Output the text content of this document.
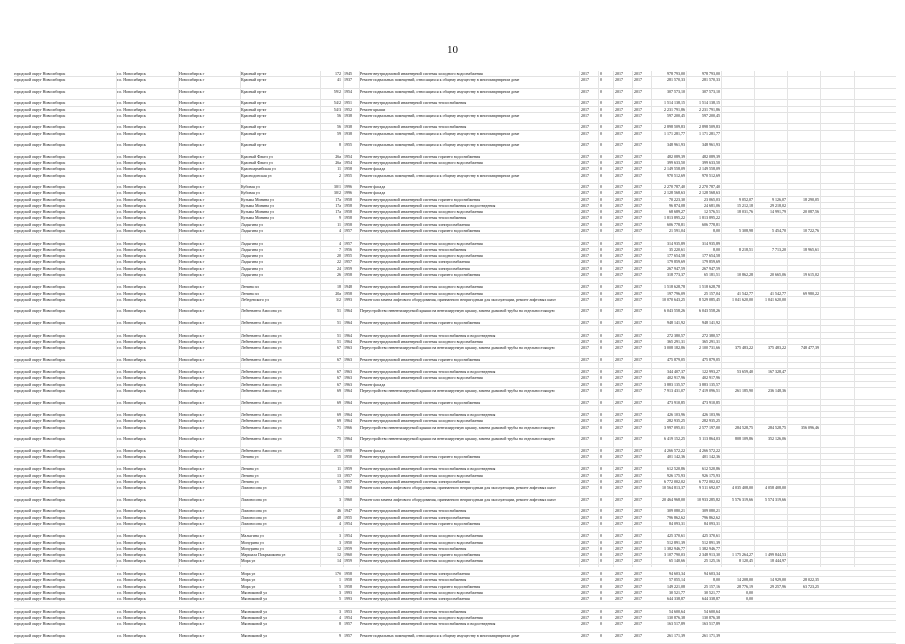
10
городской округ Новосибирск	г.о. Новосибирск	Новосибирск г	Красный пр-кт	172 1945	Ремонт внутридомовой инженерной системы холодного водоснабжения	2017	0	2017	2017	978 793,00	978 793,00
городской округ Новосибирск	г.о. Новосибирск	Новосибирск г	Красный пр-кт	41 1937	Ремонт подвальных помещений, относящихся к общему имуществу в многоквартирном доме	2017	0	2017	2017	281 570,33	281 570,33
городской округ Новосибирск	г.о. Новосибирск	Новосибирск г	Красный пр-кт	59/2 1954	Ремонт подвальных помещений, относящихся к общему имуществу в многоквартирном доме	2017	0	2017	2017	307 573,10	307 573,10
городской округ Новосибирск	г.о. Новосибирск	Новосибирск г	Красный пр-кт	54/2 1951	Ремонт внутридомовой инженерной системы теплоснабжения	2017	0	2017	2017	1 514 138,15	1 514 138,15
городской округ Новосибирск	г.о. Новосибирск	Новосибирск г	Красный пр-кт	54/3 1952	Ремонт крыши	2017	0	2017	2017	2 231 791,86	2 231 791,86
городской округ Новосибирск	г.о. Новосибирск	Новосибирск г	Красный пр-кт	56 1938	Ремонт подвальных помещений, относящихся к общему имуществу в многоквартирном доме	2017	0	2017	2017	597 200,45	597 200,45
городской округ Новосибирск	г.о. Новосибирск	Новосибирск г	Красный пр-кт	56 1938	Ремонт внутридомовой инженерной системы теплоснабжения	2017	0	2017	2017	2 898 509,83	2 898 509,83
городской округ Новосибирск	г.о. Новосибирск	Новосибирск г	Красный пр-кт	59 1938	Ремонт подвальных помещений, относящихся к общему имуществу в многоквартирном доме	2017	0	2017	2017	1 171 281,77	1 171 281,77
городской округ Новосибирск	г.о. Новосибирск	Новосибирск г	Красный пр-кт	8 1955	Ремонт подвальных помещений, относящихся к общему имуществу в многоквартирном доме	2017	0	2017	2017	348 961,93	348 961,93
городской округ Новосибирск	г.о. Новосибирск	Новосибирск г	Красный Факел ул	26а 1954	Ремонт внутридомовой инженерной системы горячего водоснабжения	2017	0	2017	2017	482 089,39	482 089,39
городской округ Новосибирск	г.о. Новосибирск	Новосибирск г	Красный Факел ул	26а 1954	Ремонт внутридомовой инженерной системы холодного водоснабжения	2017	0	2017	2017	399 633,50	399 633,50
городской округ Новосибирск	г.о. Новосибирск	Новосибирск г	Красноармейская ул	11 1958	Ремонт фасада	2017	0	2017	2017	2 149 558,09	2 149 558,09
городской округ Новосибирск	г.о. Новосибирск	Новосибирск г	Краснодонская ул	2 1955	Ремонт подвальных помещений, относящихся к общему имуществу в многоквартирном доме	2017	0	2017	2017	970 512,69	970 512,69
городской округ Новосибирск	г.о. Новосибирск	Новосибирск г	Кубовая ул	30/1 1996	Ремонт фасада	2017	0	2017	2017	2 270 787,40	2 270 787,40
городской округ Новосибирск	г.о. Новосибирск	Новосибирск г	Кубовая ул	30/2 1996	Ремонт фасада	2017	0	2017	2017	2 128 568,63	2 128 568,63
городской округ Новосибирск	г.о. Новосибирск	Новосибирск г	Кузьмы Минина ул	17а 1958	Ремонт внутридомовой инженерной системы горячего водоснабжения	2017	0	2017	2017	70 223,30	23 065,03	9 052,07	9 126,07	18 290,05
городской округ Новосибирск	г.о. Новосибирск	Новосибирск г	Кузьмы Минина ул	17а 1958	Ремонт внутридомовой инженерной системы теплоснабжения и водоотведения	2017	0	2017	2017	96 874,08	24 681,06	15 212,18	29 218,02
городской округ Новосибирск	г.о. Новосибирск	Новосибирск г	Кузьмы Минина ул	17а 1958	Ремонт внутридомовой инженерной системы холодного водоснабжения	2017	0	2017	2017	68 689,27	12 576,51	18 031,76	14 991,79	20 087,56
городской округ Новосибирск	г.о. Новосибирск	Новосибирск г	Кузьмы Минина ул	9 1958	Ремонт внутридомовой инженерной системы теплоснабжения	2017	0	2017	2017	1 813 895,22	1 813 895,22
городской округ Новосибирск	г.о. Новосибирск	Новосибирск г	Ладыгина ул	11 1958	Ремонт внутридомовой инженерной системы электроснабжения	2017	0	2017	2017	606 778,81	606 778,81
городской округ Новосибирск	г.о. Новосибирск	Новосибирск г	Ладыгина ул	4 1957	Ремонт внутридомовой инженерной системы горячего водоснабжения	2017	0	2017	2017	21 591,04	8,00	5 308,98	5 454,70	10 722,76
городской округ Новосибирск	г.о. Новосибирск	Новосибирск г	Ладыгина ул	4 1957	Ремонт внутридомовой инженерной системы холодного водоснабжения	2017	0	2017	2017	314 935,89	314 935,89
городской округ Новосибирск	г.о. Новосибирск	Новосибирск г	Ладыгина ул	7 1956	Ремонт внутридомовой инженерной системы теплоснабжения	2017	0	2017	2017	35 220,61	8,00	8 218,51	7 713,20	18 965,61
городской округ Новосибирск	г.о. Новосибирск	Новосибирск г	Ладыгина ул	20 1955	Ремонт внутридомовой инженерной системы холодного водоснабжения	2017	0	2017	2017	177 654,58	177 654,58
городской округ Новосибирск	г.о. Новосибирск	Новосибирск г	Ладыгина ул	22 1957	Ремонт внутридомовой инженерной системы электроснабжения	2017	0	2017	2017	179 859,69	179 859,69
городской округ Новосибирск	г.о. Новосибирск	Новосибирск г	Ладыгина ул	24 1959	Ремонт внутридомовой инженерной системы электроснабжения	2017	0	2017	2017	267 947,59	267 947,59
городской округ Новосибирск	г.о. Новосибирск	Новосибирск г	Ладыгина ул	26 1958	Ремонт внутридомовой инженерной системы горячего водоснабжения	2017	0	2017	2017	318 773,37	65 181,51	10 862,28	20 665,06	19 615,02
городской округ Новосибирск	г.о. Новосибирск	Новосибирск г	Ленина пл	18 1948	Ремонт внутридомовой инженерной системы холодного водоснабжения	2017	0	2017	2017	1 518 628,78	1 518 628,78
городской округ Новосибирск	г.о. Новосибирск	Новосибирск г	Ленина пл	20а 1958	Ремонт внутридомовой инженерной системы холодного водоснабжения	2017	0	2017	2017	197 796,09	25 157,04	41 542,77	41 542,77	69 980,22
городской округ Новосибирск	г.о. Новосибирск	Новосибирск г	Лебедевского ул	3/2 1993	Ремонт или замена лифтового оборудования, признанного непригодным для эксплуатации, ремонт лифтовых шахт	2017	0	2017	2017	10 070 643,25	8 529 085,45	1 041 620,00	1 041 620,00
городской округ Новосибирск	г.о. Новосибирск	Новосибирск г	Лейтенанта Амосова ул	51 1964	Переустройство невентилируемой крыши на вентилируемую крышу, замена дымовой трубы на отдельностоящую	2017	0	2017	2017	6 043 558,26	6 043 558,26
городской округ Новосибирск	г.о. Новосибирск	Новосибирск г	Лейтенанта Амосова ул	51 1964	Ремонт внутридомовой инженерной системы горячего водоснабжения	2017	0	2017	2017	948 141,92	948 141,92
городской округ Новосибирск	г.о. Новосибирск	Новосибирск г	Лейтенанта Амосова ул	51 1964	Ремонт внутридомовой инженерной системы теплоснабжения и водоотведения	2017	0	2017	2017	272 380,57	272 380,57
городской округ Новосибирск	г.о. Новосибирск	Новосибирск г	Лейтенанта Амосова ул	51 1964	Ремонт внутридомовой инженерной системы холодного водоснабжения	2017	0	2017	2017	365 291,31	365 291,31
городской округ Новосибирск	г.о. Новосибирск	Новосибирск г	Лейтенанта Амосова ул	67 1963	Переустройство невентилируемой крыши на вентилируемую крышу, замена дымовой трубы на отдельностоящую	2017	0	2017	2017	3 008 182,86	2 100 731,66	375 483,22	375 483,22	748 477,39
городской округ Новосибирск	г.о. Новосибирск	Новосибирск г	Лейтенанта Амосова ул	67 1963	Ремонт внутридомовой инженерной системы горячего водоснабжения	2017	0	2017	2017	475 879,05	475 879,05
городской округ Новосибирск	г.о. Новосибирск	Новосибирск г	Лейтенанта Амосова ул	67 1963	Ремонт внутридомовой инженерной системы теплоснабжения и водоотведения	2017	0	2017	2017	344 407,37	122 993,27	53 659,40	167 328,47
городской округ Новосибирск	г.о. Новосибирск	Новосибирск г	Лейтенанта Амосова ул	67 1963	Ремонт внутридомовой инженерной системы холодного водоснабжения	2017	0	2017	2017	402 917,96	402 917,96
городской округ Новосибирск	г.о. Новосибирск	Новосибирск г	Лейтенанта Амосова ул	67 1963	Ремонт фасада	2017	0	2017	2017	3 883 135,57	3 883 135,57
городской округ Новосибирск	г.о. Новосибирск	Новосибирск г	Лейтенанта Амосова ул	69 1964	Переустройство невентилируемой крыши на вентилируемую крышу, замена дымовой трубы на отдельностоящую	2017	0	2017	2017	7 913 431,07	7 419 096,51	261 185,90	236 148,36
городской округ Новосибирск	г.о. Новосибирск	Новосибирск г	Лейтенанта Амосова ул	69 1964	Ремонт внутридомовой инженерной системы горячего водоснабжения	2017	0	2017	2017	473 910,85	473 910,85
городской округ Новосибирск	г.о. Новосибирск	Новосибирск г	Лейтенанта Амосова ул	69 1964	Ремонт внутридомовой инженерной системы теплоснабжения и водоотведения	2017	0	2017	2017	426 103,96	426 103,96
городской округ Новосибирск	г.о. Новосибирск	Новосибирск г	Лейтенанта Амосова ул	69 1964	Ремонт внутридомовой инженерной системы холодного водоснабжения	2017	0	2017	2017	282 935,25	282 935,25
городской округ Новосибирск	г.о. Новосибирск	Новосибирск г	Лейтенанта Амосова ул	71 1966	Переустройство невентилируемой крыши на вентилируемую крышу, замена дымовой трубы на отдельностоящую	2017	0	2017	2017	3 997 095,01	2 577 197,00	284 528,75	284 528,75	356 096,46
городской округ Новосибирск	г.о. Новосибирск	Новосибирск г	Лейтенанта Амосова ул	75 1964	Переустройство невентилируемой крыши на вентилируемую крышу, замена дымовой трубы на отдельностоящую	2017	0	2017	2017	6 419 152,25	5 113 864,03	808 109,86	352 126,06
городской округ Новосибирск	г.о. Новосибирск	Новосибирск г	Лейтенанта Амосова ул	29/1 1998	Ремонт фасада	2017	0	2017	2017	4 266 572,22	4 266 572,22
городской округ Новосибирск	г.о. Новосибирск	Новосибирск г	Ленина ул	15 1950	Ремонт внутридомовой инженерной системы горячего водоснабжения	2017	0	2017	2017	401 142,36	401 142,36
городской округ Новосибирск	г.о. Новосибирск	Новосибирск г	Ленина ул	11 1959	Ремонт внутридомовой инженерной системы теплоснабжения и водоотведения	2017	0	2017	2017	612 520,86	612 520,86
городской округ Новосибирск	г.о. Новосибирск	Новосибирск г	Ленина ул	13 1957	Ремонт внутридомовой инженерной системы холодного водоснабжения	2017	0	2017	2017	926 175,93	926 175,93
городской округ Новосибирск	г.о. Новосибирск	Новосибирск г	Ленина ул	55 1957	Ремонт внутридомовой инженерной системы электроснабжения	2017	0	2017	2017	6 772 002,02	6 772 002,02
городской округ Новосибирск	г.о. Новосибирск	Новосибирск г	Ломоносова ул	3 1960	Ремонт или замена лифтового оборудования, признанного непригодным для эксплуатации, ремонт лифтовых шахт	2017	0	2017	2017	10 564 813,37	9 511 692,07	4 035 408,00	4 058 408,00
городской округ Новосибирск	г.о. Новосибирск	Новосибирск г	Ломоносова ул	3 1960	Ремонт или замена лифтового оборудования, признанного непригодным для эксплуатации, ремонт лифтовых шахт	2017	0	2017	2017	20 464 968,00	10 933 285,82	5 576 319,66	5 574 319,66
городской округ Новосибирск	г.о. Новосибирск	Новосибирск г	Ломоносова ул	46 1947	Ремонт внутридомовой инженерной системы теплоснабжения	2017	0	2017	2017	309 080,21	309 080,21
городской округ Новосибирск	г.о. Новосибирск	Новосибирск г	Ломоносова ул	48 1955	Ремонт внутридомовой инженерной системы электроснабжения	2017	0	2017	2017	796 862,62	796 862,62
городской округ Новосибирск	г.о. Новосибирск	Новосибирск г	Ломоносова ул	4 1954	Ремонт внутридомовой инженерной системы горячего водоснабжения	2017	0	2017	2017	84 093,31	84 093,31
городской округ Новосибирск	г.о. Новосибирск	Новосибирск г	Малыгина ул	3 1954	Ремонт внутридомовой инженерной системы холодного водоснабжения	2017	0	2017	2017	425 370,61	425 370,61
городской округ Новосибирск	г.о. Новосибирск	Новосибирск г	Мичурина ул	3 1950	Ремонт внутридомовой инженерной системы холодного водоснабжения	2017	0	2017	2017	512 891,39	512 891,39
городской округ Новосибирск	г.о. Новосибирск	Новосибирск г	Мичурина ул	12 1959	Ремонт внутридомовой инженерной системы теплоснабжения	2017	0	2017	2017	1 382 946,77	1 382 946,77
городской округ Новосибирск	г.о. Новосибирск	Новосибирск г	Маршала Покрышкина ул	12 1960	Ремонт внутридомовой инженерной системы горячего водоснабжения	2017	0	2017	2017	3 107 790,03	2 348 913,30	1 175 264,27	1 499 844,53
городской округ Новосибирск	г.о. Новосибирск	Новосибирск г	Мира ул	14 1959	Ремонт внутридомовой инженерной системы холодного водоснабжения	2017	0	2017	2017	65 140,66	25 125,16	8 120,45	18 444,97
городской округ Новосибирск	г.о. Новосибирск	Новосибирск г	Мира ул	17б 1958	Ремонт внутридомовой инженерной системы электроснабжения	2017	0	2017	2017	94 603,34	94 603,34
городской округ Новосибирск	г.о. Новосибирск	Новосибирск г	Мира ул	1 1958	Ремонт внутридомовой инженерной системы теплоснабжения	2017	0	2017	2017	57 055,14	8,00	14 208,00	14 929,00	28 022,35
городской округ Новосибирск	г.о. Новосибирск	Новосибирск г	Мира ул	5 1958	Ремонт внутридомовой инженерной системы горячего водоснабжения	2017	0	2017	2017	149 221,08	25 157,16	28 776,19	29 257,96	63 723,25
городской округ Новосибирск	г.о. Новосибирск	Новосибирск г	Мясниковой ул	3 1993	Ремонт внутридомовой инженерной системы холодного водоснабжения	2017	0	2017	2017	30 521,77	30 521,77	0,00
городской округ Новосибирск	г.о. Новосибирск	Новосибирск г	Мясниковой ул	5 1993	Ремонт внутридомовой инженерной системы электроснабжения	2017	0	2017	2017	644 338,87	644 338,87	0,00
городской округ Новосибирск	г.о. Новосибирск	Новосибирск г	Мясниковой ул	3 1953	Ремонт внутридомовой инженерной системы теплоснабжения	2017	0	2017	2017	54 600,64	54 600,64
городской округ Новосибирск	г.о. Новосибирск	Новосибирск г	Мясниковой ул	4 1954	Ремонт внутридомовой инженерной системы холодного водоснабжения	2017	0	2017	2017	130 876,38	130 876,38
городской округ Новосибирск	г.о. Новосибирск	Новосибирск г	Мясниковой ул	8 1957	Ремонт внутридомовой инженерной системы теплоснабжения и водоотведения	2017	0	2017	2017	163 517,89	163 517,89
городской округ Новосибирск	г.о. Новосибирск	Новосибирск г	Мясниковой ул	9 1957	Ремонт подвальных помещений, относящихся к общему имуществу в многоквартирном доме	2017	0	2017	2017	261 171,39	261 171,39
